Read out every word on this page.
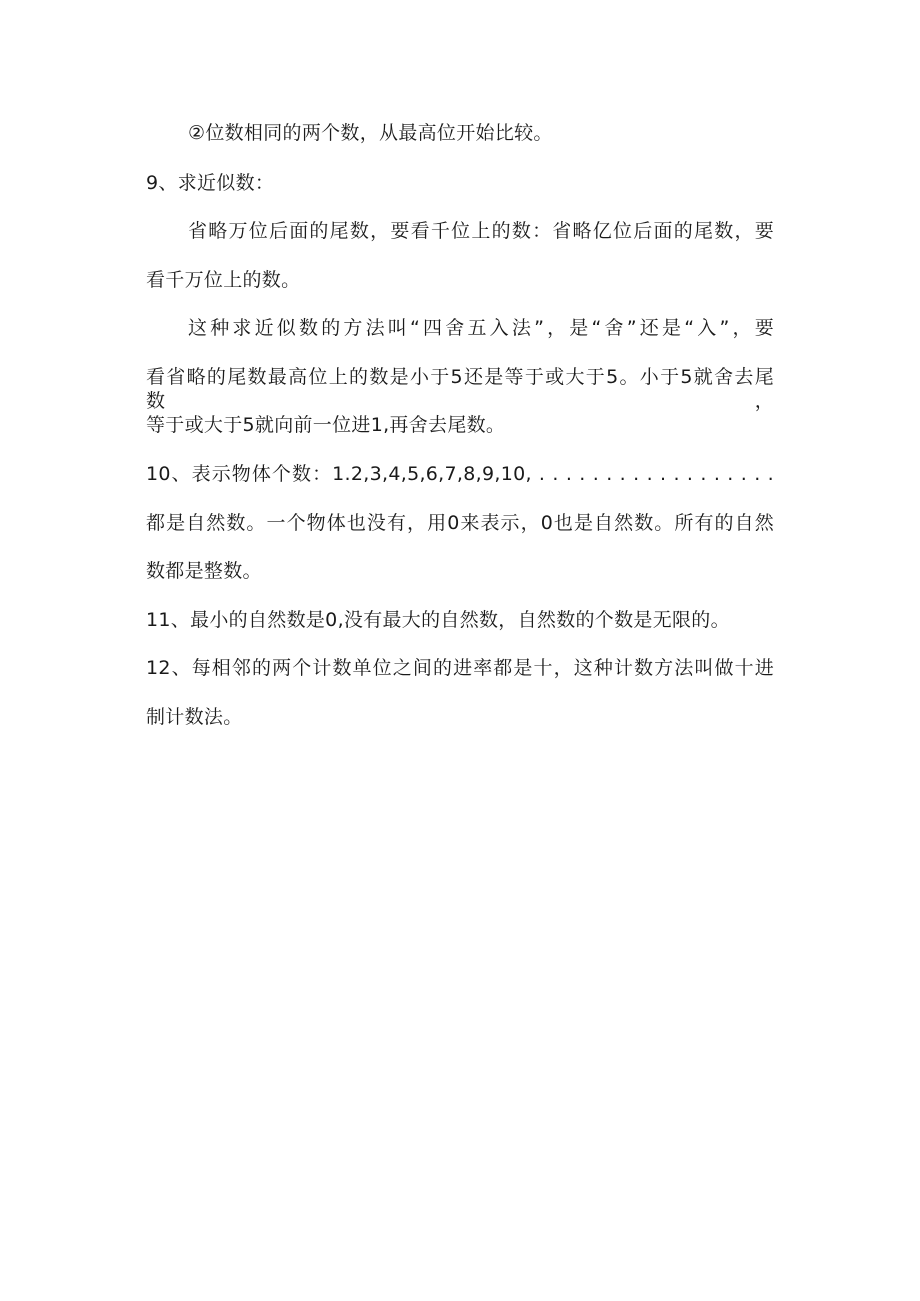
②位数相同的两个数，从最高位开始比较。
9、求近似数：
省略万位后面的尾数，要看千位上的数：省略亿位后面的尾数，要
看千万位上的数。
这种求近似数的方法叫“四舍五入法”，是“舍”还是“入”，要
看省略的尾数最高位上的数是小于5还是等于或大于5。小于5就舍去尾数，
等于或大于5就向前一位进1,再舍去尾数。
10、表示物体个数：1.2,3,4,5,6,7,8,9,10, . . . . . . . . . . . . . . . . . .
都是自然数。一个物体也没有，用0来表示，0也是自然数。所有的自然
数都是整数。
11、最小的自然数是0,没有最大的自然数，自然数的个数是无限的。
12、每相邻的两个计数单位之间的进率都是十，这种计数方法叫做十进
制计数法。
